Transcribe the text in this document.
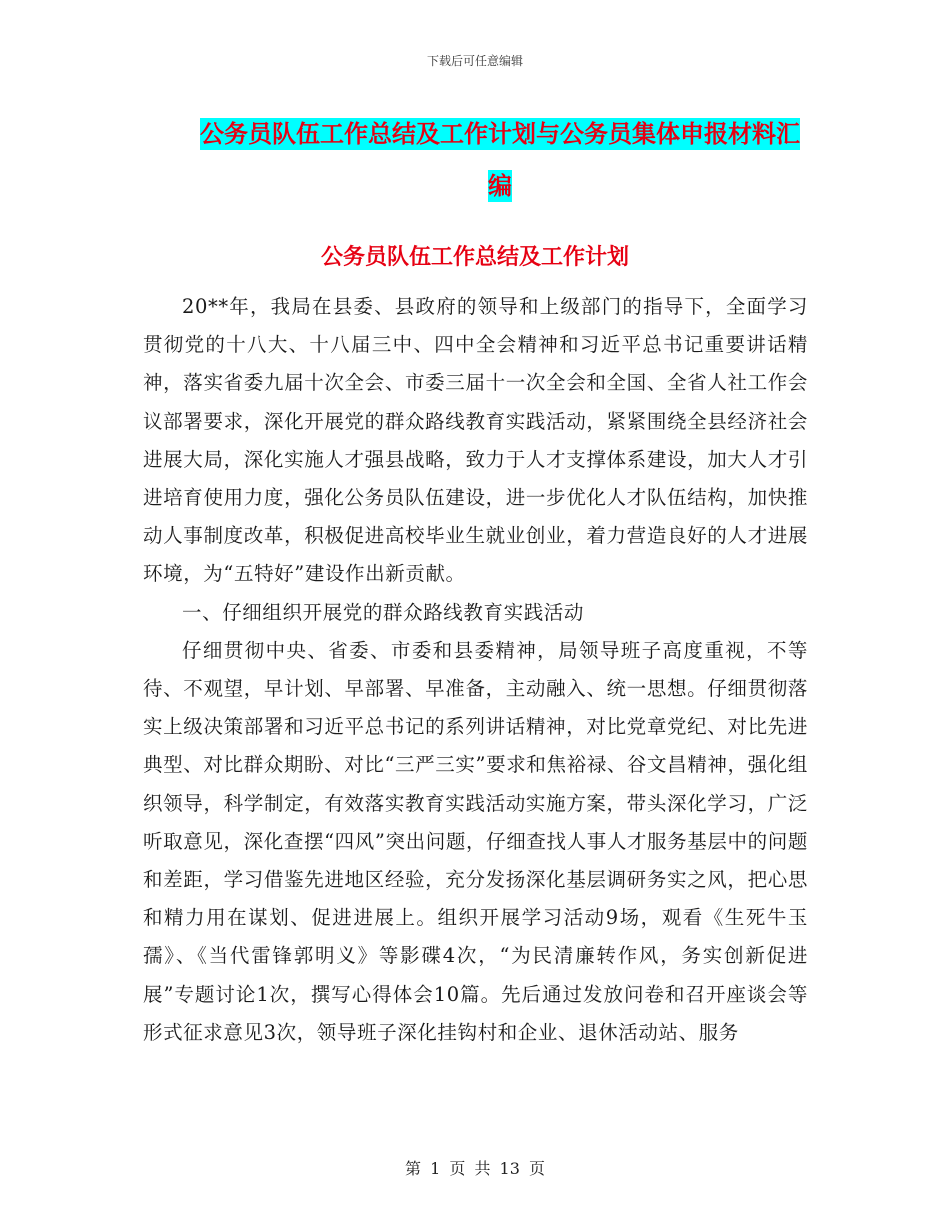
下载后可任意编辑
公务员队伍工作总结及工作计划与公务员集体申报材料汇编
公务员队伍工作总结及工作计划

20**年，我局在县委、县政府的领导和上级部门的指导下，全面学习贯彻党的十八大、十八届三中、四中全会精神和习近平总书记重要讲话精神，落实省委九届十次全会、市委三届十一次全会和全国、全省人社工作会议部署要求，深化开展党的群众路线教育实践活动，紧紧围绕全县经济社会进展大局，深化实施人才强县战略，致力于人才支撑体系建设，加大人才引进培育使用力度，强化公务员队伍建设，进一步优化人才队伍结构，加快推动人事制度改革，积极促进高校毕业生就业创业，着力营造良好的人才进展环境，为“五特好”建设作出新贡献。

一、仔细组织开展党的群众路线教育实践活动

仔细贯彻中央、省委、市委和县委精神，局领导班子高度重视，不等待、不观望，早计划、早部署、早准备，主动融入、统一思想。仔细贯彻落实上级决策部署和习近平总书记的系列讲话精神，对比党章党纪、对比先进典型、对比群众期盼、对比“三严三实”要求和焦裕禄、谷文昌精神，强化组织领导，科学制定，有效落实教育实践活动实施方案，带头深化学习，广泛听取意见，深化查摆“四风”突出问题，仔细查找人事人才服务基层中的问题和差距，学习借鉴先进地区经验，充分发扬深化基层调研务实之风，把心思和精力用在谋划、促进进展上。组织开展学习活动9场，观看《生死牛玉孺》、《当代雷锋郭明义》等影碟4次，“为民清廉转作风，务实创新促进展”专题讨论1次，撰写心得体会10篇。先后通过发放问卷和召开座谈会等形式征求意见3次，领导班子深化挂钩村和企业、退休活动站、服务

第 1 页 共 13 页
